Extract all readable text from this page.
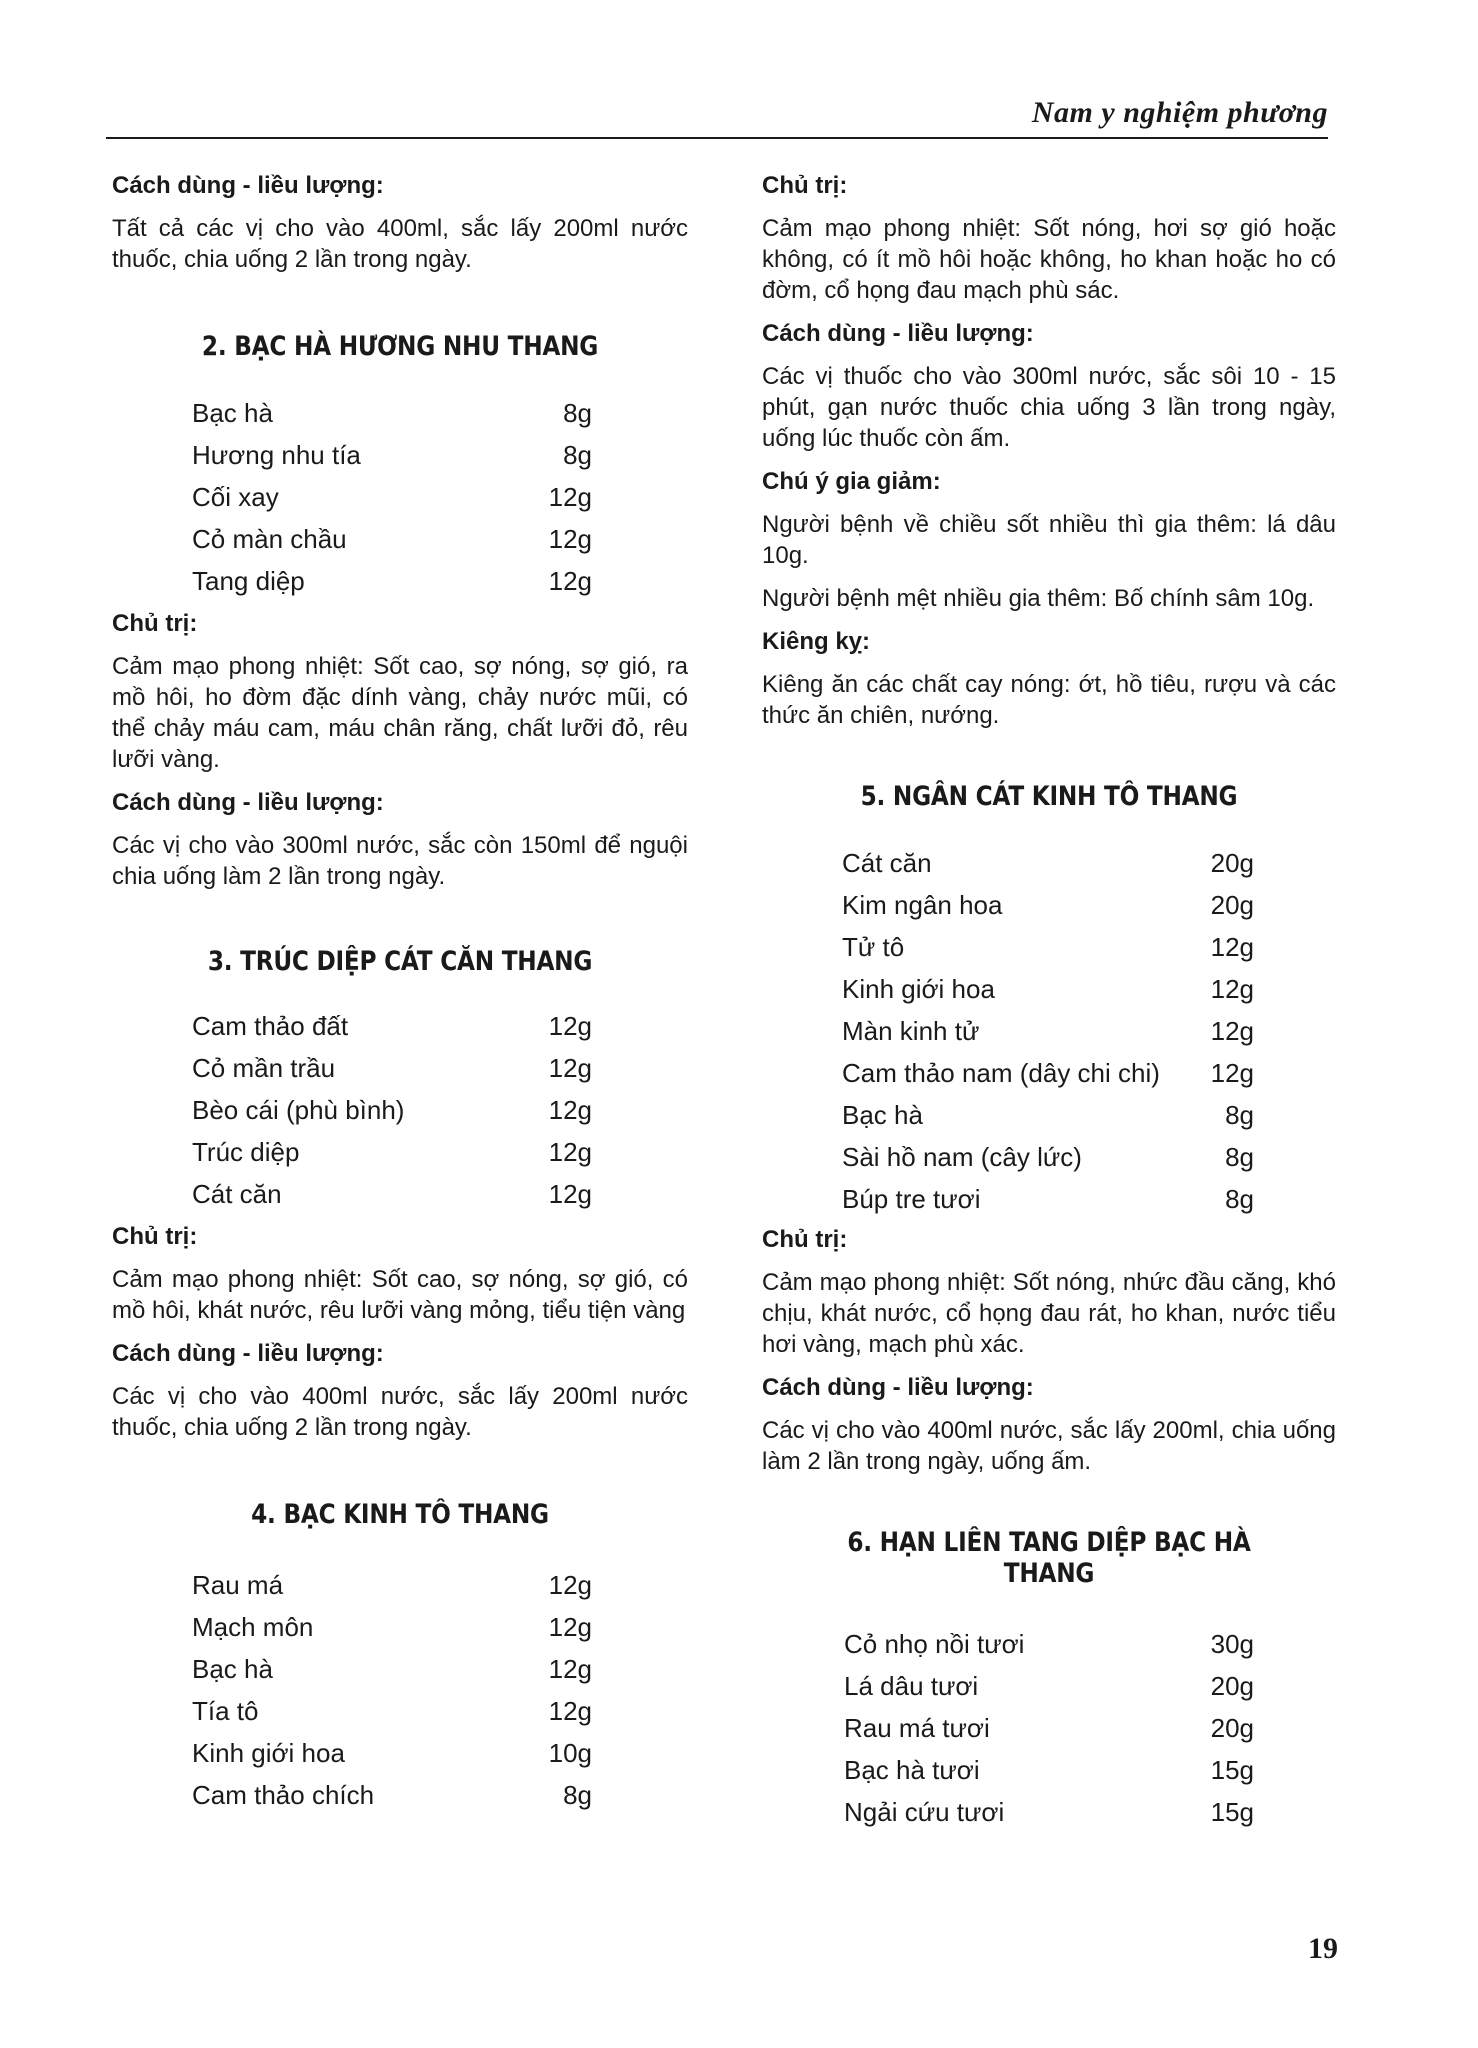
Nam y nghiệm phương

Cách dùng - liều lượng:

Tất cả các vị cho vào 400ml, sắc lấy 200ml nước thuốc, chia uống 2 lần trong ngày.

2. BẠC HÀ HƯƠNG NHU THANG
Bạc hà	8g
Hương nhu tía	8g
Cối xay	12g
Cỏ màn chầu	12g
Tang diệp	12g

Chủ trị:

Cảm mạo phong nhiệt: Sốt cao, sợ nóng, sợ gió, ra mồ hôi, ho đờm đặc dính vàng, chảy nước mũi, có thể chảy máu cam, máu chân răng, chất lưỡi đỏ, rêu lưỡi vàng.

Cách dùng - liều lượng:

Các vị cho vào 300ml nước, sắc còn 150ml để nguội chia uống làm 2 lần trong ngày.

3. TRÚC DIỆP CÁT CĂN THANG
Cam thảo đất	12g
Cỏ mần trầu	12g
Bèo cái (phù bình)	12g
Trúc diệp	12g
Cát căn	12g

Chủ trị:

Cảm mạo phong nhiệt: Sốt cao, sợ nóng, sợ gió, có mồ hôi, khát nước, rêu lưỡi vàng mỏng, tiểu tiện vàng

Cách dùng - liều lượng:

Các vị cho vào 400ml nước, sắc lấy 200ml nước thuốc, chia uống 2 lần trong ngày.

4. BẠC KINH TÔ THANG
Rau má	12g
Mạch môn	12g
Bạc hà	12g
Tía tô	12g
Kinh giới hoa	10g
Cam thảo chích	8g

Chủ trị:

Cảm mạo phong nhiệt: Sốt nóng, hơi sợ gió hoặc không, có ít mồ hôi hoặc không, ho khan hoặc ho có đờm, cổ họng đau mạch phù sác.

Cách dùng - liều lượng:

Các vị thuốc cho vào 300ml nước, sắc sôi 10 - 15 phút, gạn nước thuốc chia uống 3 lần trong ngày, uống lúc thuốc còn ấm.

Chú ý gia giảm:

Người bệnh về chiều sốt nhiều thì gia thêm: lá dâu 10g.

Người bệnh mệt nhiều gia thêm: Bố chính sâm 10g.

Kiêng kỵ:

Kiêng ăn các chất cay nóng: ớt, hồ tiêu, rượu và các thức ăn chiên, nướng.

5. NGÂN CÁT KINH TÔ THANG
Cát căn	20g
Kim ngân hoa	20g
Tử tô	12g
Kinh giới hoa	12g
Màn kinh tử	12g
Cam thảo nam (dây chi chi) 12g
Bạc hà	8g
Sài hồ nam (cây lức)	8g
Búp tre tươi	8g

Chủ trị:

Cảm mạo phong nhiệt: Sốt nóng, nhức đầu căng, khó chịu, khát nước, cổ họng đau rát, ho khan, nước tiểu hơi vàng, mạch phù xác.

Cách dùng - liều lượng:

Các vị cho vào 400ml nước, sắc lấy 200ml, chia uống làm 2 lần trong ngày, uống ấm.

6. HẠN LIÊN TANG DIỆP BẠC HÀ THANG
Cỏ nhọ nồi tươi	30g
Lá dâu tươi	20g
Rau má tươi	20g
Bạc hà tươi	15g
Ngải cứu tươi	15g
19
